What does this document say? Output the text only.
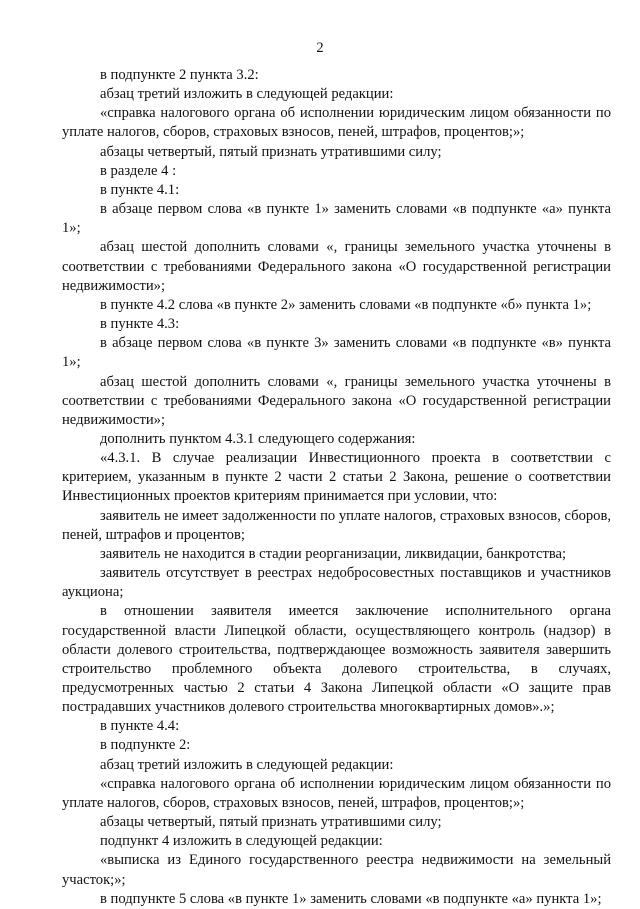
2

в подпункте 2 пункта 3.2:

абзац третий изложить в следующей редакции:

«справка налогового органа об исполнении юридическим лицом обязанности по уплате налогов, сборов, страховых взносов, пеней, штрафов, процентов;»;

абзацы четвертый, пятый признать утратившими силу;

в разделе 4 :

в пункте 4.1:

в абзаце первом слова «в пункте 1» заменить словами «в подпункте «а» пункта 1»;

абзац шестой дополнить словами «, границы земельного участка уточнены в соответствии с требованиями Федерального закона «О государственной регистрации недвижимости»;

в пункте 4.2 слова «в пункте 2» заменить словами «в подпункте «б» пункта 1»;

в пункте 4.3:

в абзаце первом слова «в пункте 3» заменить словами «в подпункте «в» пункта 1»;

абзац шестой дополнить словами «, границы земельного участка уточнены в соответствии с требованиями Федерального закона «О государственной регистрации недвижимости»;

дополнить пунктом 4.3.1 следующего содержания:

«4.3.1. В случае реализации Инвестиционного проекта в соответствии с критерием, указанным в пункте 2 части 2 статьи 2 Закона, решение о соответствии Инвестиционных проектов критериям принимается при условии, что:

заявитель не имеет задолженности по уплате налогов, страховых взносов, сборов, пеней, штрафов и процентов;

заявитель не находится в стадии реорганизации, ликвидации, банкротства;

заявитель отсутствует в реестрах недобросовестных поставщиков и участников аукциона;

в отношении заявителя имеется заключение исполнительного органа государственной власти Липецкой области, осуществляющего контроль (надзор) в области долевого строительства, подтверждающее возможность заявителя завершить строительство проблемного объекта долевого строительства, в случаях, предусмотренных частью 2 статьи 4 Закона Липецкой области «О защите прав пострадавших участников долевого строительства многоквартирных домов».»;

в пункте 4.4:

в подпункте 2:

абзац третий изложить в следующей редакции:

«справка налогового органа об исполнении юридическим лицом обязанности по уплате налогов, сборов, страховых взносов, пеней, штрафов, процентов;»;

абзацы четвертый, пятый признать утратившими силу;

подпункт 4 изложить в следующей редакции:

«выписка из Единого государственного реестра недвижимости на земельный участок;»;

в подпункте 5 слова «в пункте 1» заменить словами «в подпункте «а» пункта 1»;
